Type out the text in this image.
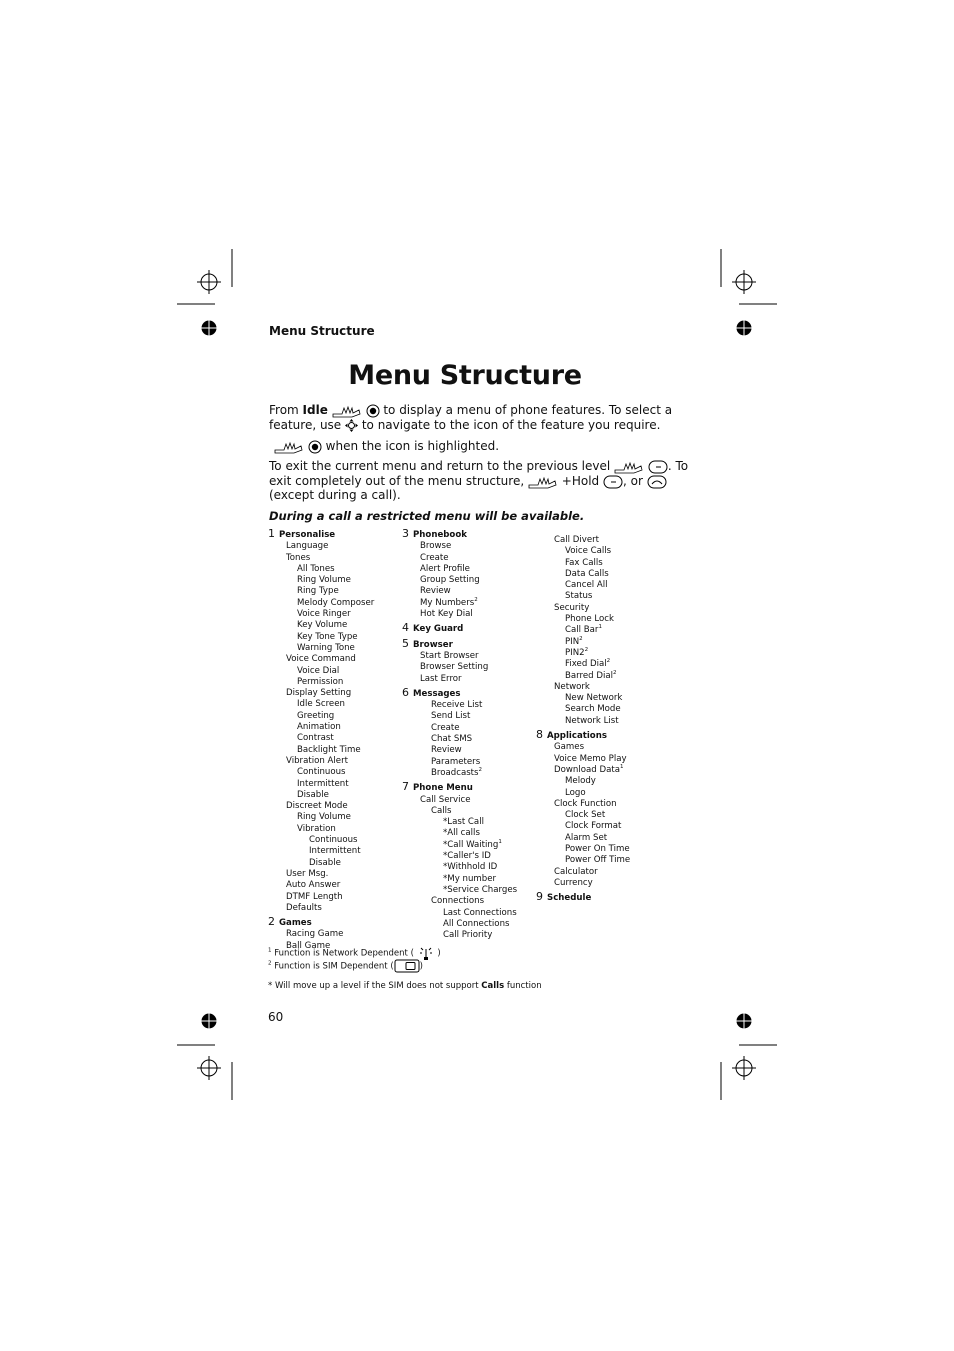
Menu Structure
Menu Structure
From Idle	to display a menu of phone features. To select a
feature, use  to navigate to the icon of the feature you require.
when the icon is highlighted.
To exit the current menu and return to the previous level	. To
exit completely out of the menu structure,	+Hold , or
(except during a call).
During a call a restricted menu will be available.
1 Personalise
Language
Tones
All Tones
Ring Volume
Ring Type
Melody Composer
Voice Ringer
Key Volume
Key Tone Type
Warning Tone
Voice Command
Voice Dial
Permission
Display Setting
Idle Screen
Greeting
Animation
Contrast
Backlight Time
Vibration Alert
Continuous
Intermittent
Disable
Discreet Mode
Ring Volume
Vibration
Continuous
Intermittent
Disable
User Msg.
Auto Answer
DTMF Length
Defaults
2 Games
Racing Game
Ball Game
3 Phonebook
Browse
Create
Alert Profile
Group Setting
Review
My Numbers$^2$
Hot Key Dial
4 Key Guard
5 Browser
Start Browser
Browser Setting
Last Error
6 Messages
Receive List
Send List
Create
Chat SMS
Review
Parameters
Broadcasts$^2$
7 Phone Menu
Call Service
Calls
*Last Call
*All calls
*Call Waiting$^1$
*Caller's ID
*Withhold ID
*My number
*Service Charges
Connections
Last Connections
All Connections
Call Priority
Call Divert
Voice Calls
Fax Calls
Data Calls
Cancel All
Status
Security
Phone Lock
Call Bar$^1$
PIN$^2$
$PIN2^2$
Fixed Dial$^2$
Barred Dial$^2$
Network
New Network
Search Mode
Network List
8 Applications
Games
Voice Memo Play
Download Data$^1$
Melody
Logo
Clock Function
Clock Set
Clock Format
Alarm Set
Power On Time
Power Off Time
Calculator
Currency
9 Schedule
$^1$ Function is Network Dependent (	)
$^2$ Function is SIM Dependent (	)
* Will move up a level if the SIM does not support Calls function
60
